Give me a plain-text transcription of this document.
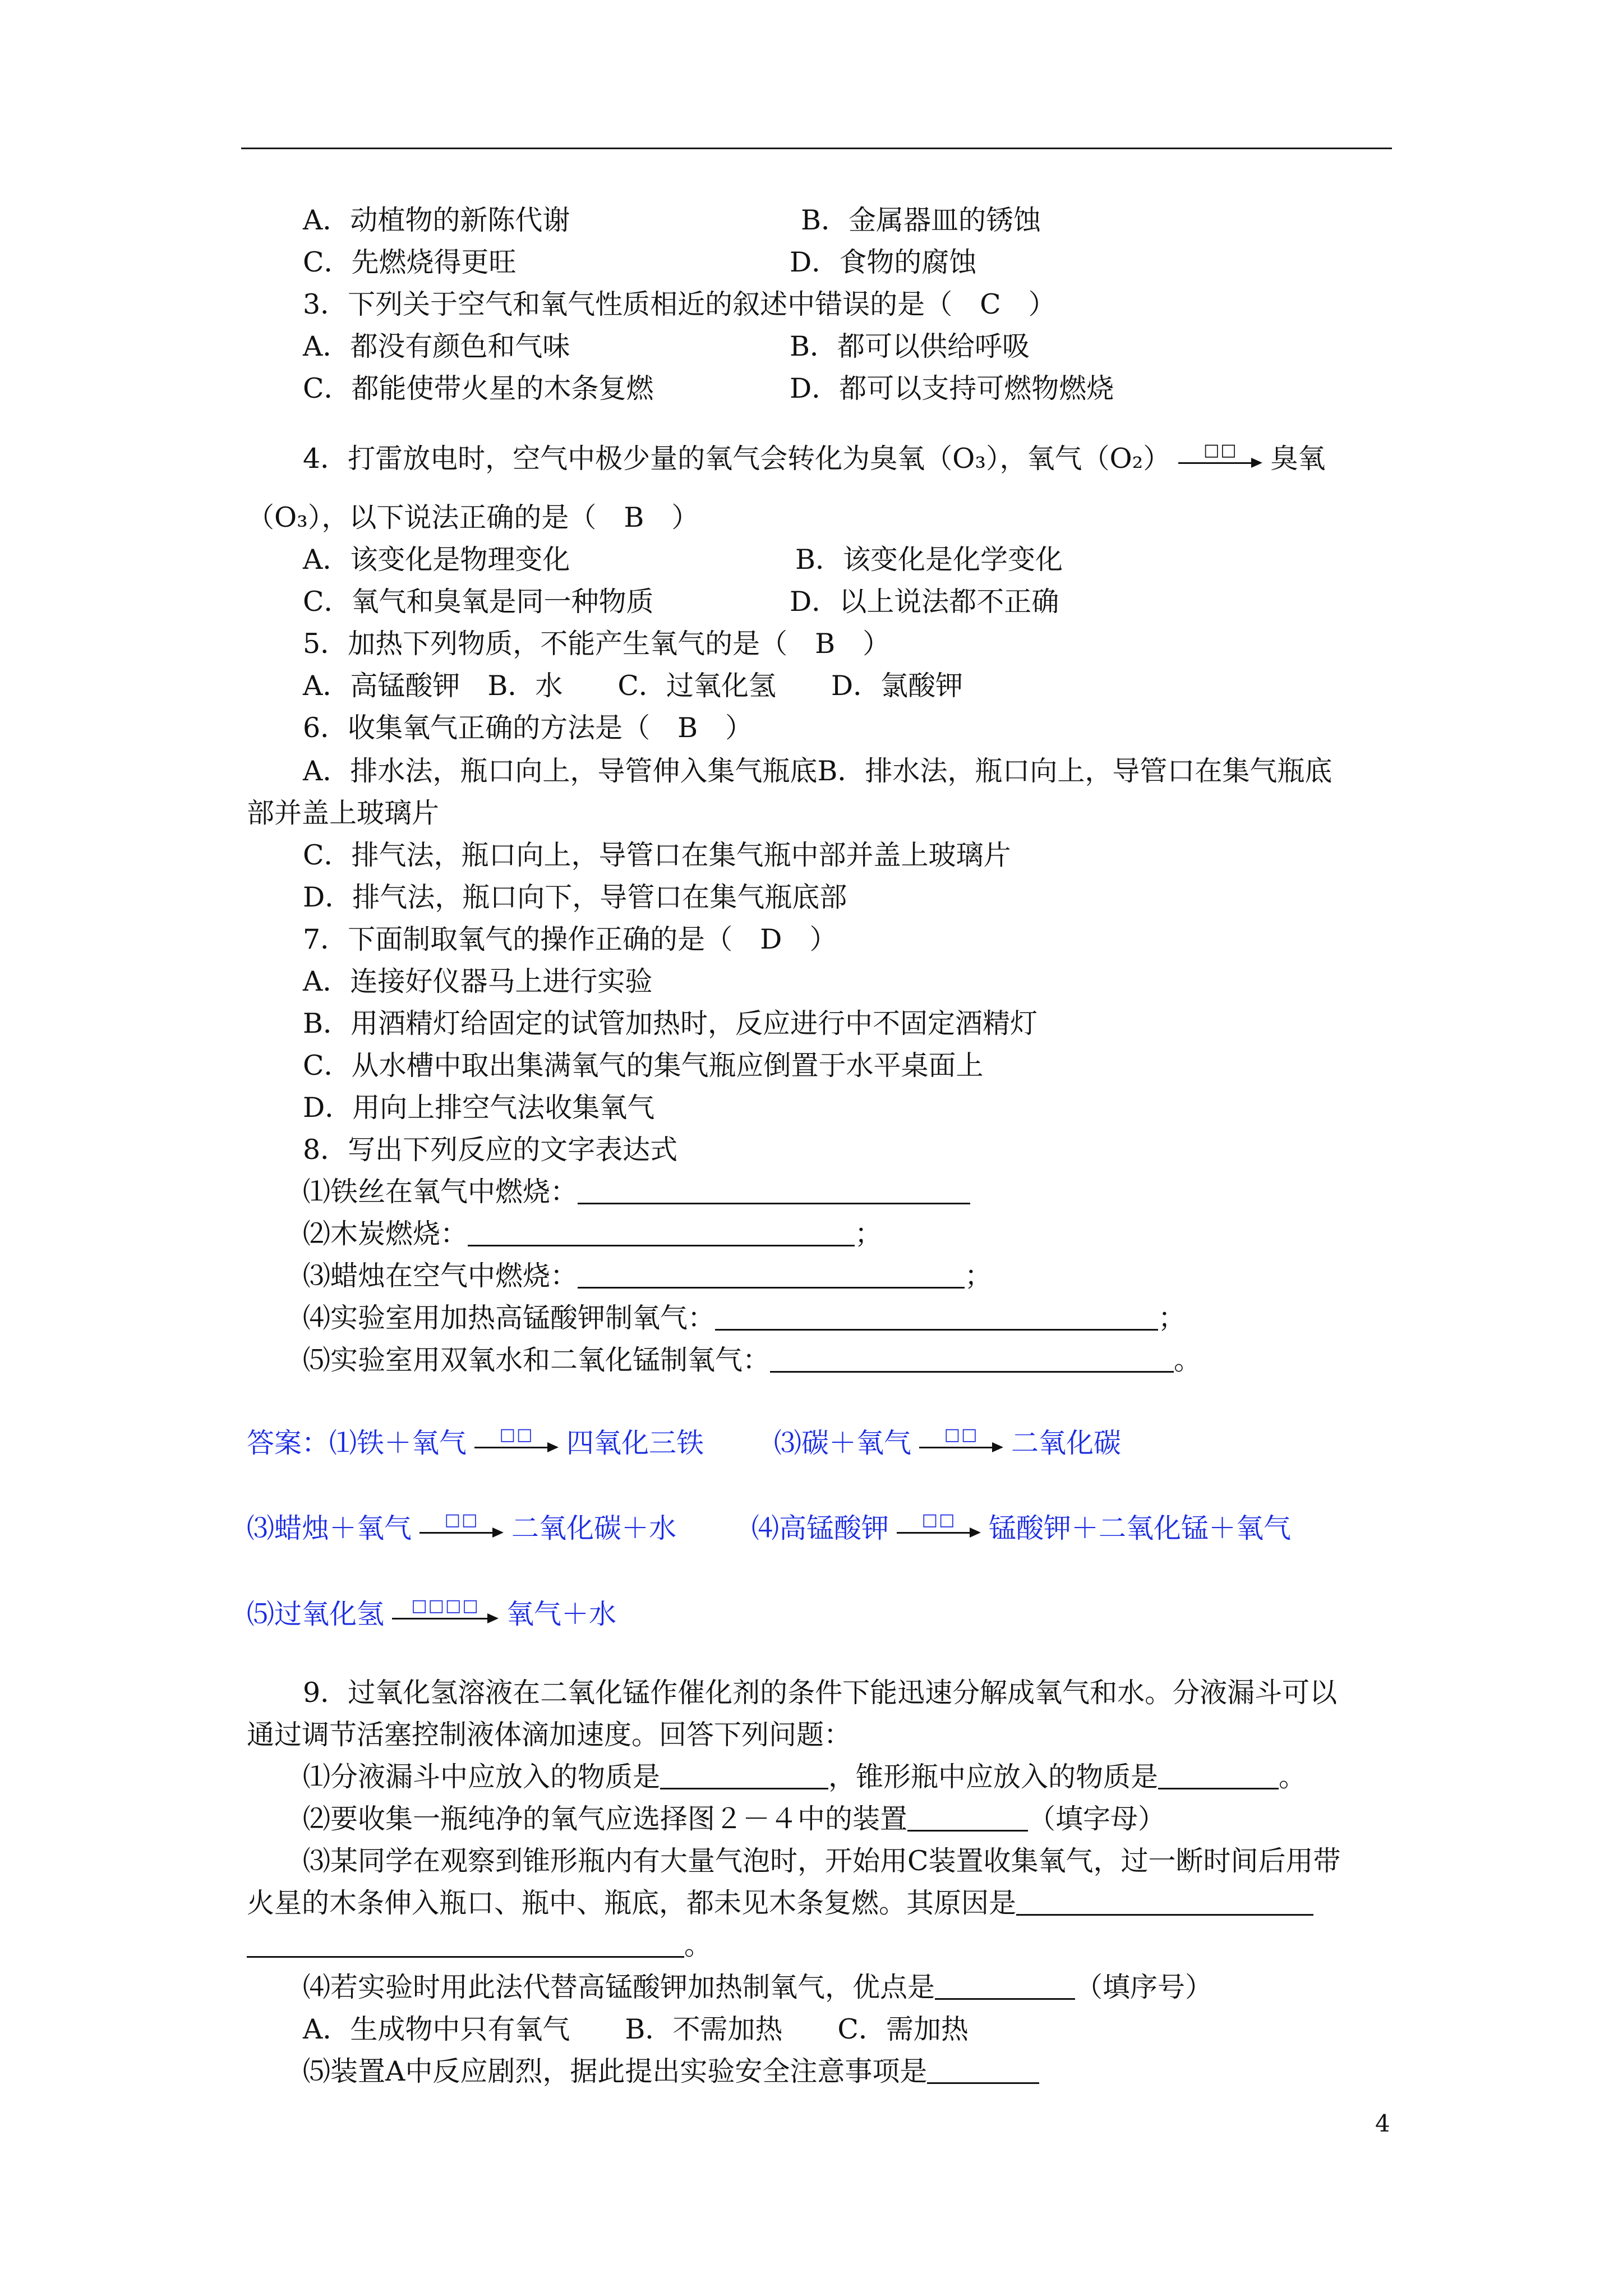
A．动植物的新陈代谢	B．金属器皿的锈蚀
C．先燃烧得更旺	D．食物的腐蚀
3．下列关于空气和氧气性质相近的叙述中错误的是（　C　）
A．都没有颜色和气味	B．都可以供给呼吸
C．都能使带火星的木条复燃	D．都可以支持可燃物燃烧
4．打雷放电时，空气中极少量的氧气会转化为臭氧（O₃），氧气（O₂）	□□	臭氧
（O₃），以下说法正确的是（　B　）
A．该变化是物理变化	B．该变化是化学变化
C．氧气和臭氧是同一种物质	D．以上说法都不正确
5．加热下列物质，不能产生氧气的是（　B　）
A．高锰酸钾　B．水　　C．过氧化氢　　D．氯酸钾
6．收集氧气正确的方法是（　B　）
A．排水法，瓶口向上，导管伸入集气瓶底B．排水法，瓶口向上，导管口在集气瓶底
部并盖上玻璃片
C．排气法，瓶口向上，导管口在集气瓶中部并盖上玻璃片
D．排气法，瓶口向下，导管口在集气瓶底部
7．下面制取氧气的操作正确的是（　D　）
A．连接好仪器马上进行实验
B．用酒精灯给固定的试管加热时，反应进行中不固定酒精灯
C．从水槽中取出集满氧气的集气瓶应倒置于水平桌面上
D．用向上排空气法收集氧气
8．写出下列反应的文字表达式
⑴铁丝在氧气中燃烧：
⑵木炭燃烧：	；
⑶蜡烛在空气中燃烧：	；
⑷实验室用加热高锰酸钾制氧气：	；
⑸实验室用双氧水和二氧化锰制氧气：	。
答案：⑴铁＋氧气	□□	四氧化三铁	⑶碳＋氧气	□□	二氧化碳
⑶蜡烛＋氧气	□□	二氧化碳＋水	⑷高锰酸钾	□□	锰酸钾＋二氧化锰＋氧气
⑸过氧化氢	□□□□ 氧气＋水
9．过氧化氢溶液在二氧化锰作催化剂的条件下能迅速分解成氧气和水。分液漏斗可以
通过调节活塞控制液体滴加速度。回答下列问题：
⑴分液漏斗中应放入的物质是	，锥形瓶中应放入的物质是	。
⑵要收集一瓶纯净的氧气应选择图２－４中的装置	（填字母）
⑶某同学在观察到锥形瓶内有大量气泡时，开始用C装置收集氧气，过一断时间后用带
火星的木条伸入瓶口、瓶中、瓶底，都未见木条复燃。其原因是
。
⑷若实验时用此法代替高锰酸钾加热制氧气，优点是	（填序号）
A．生成物中只有氧气　　B．不需加热　　C．需加热
⑸装置A中反应剧烈，据此提出实验安全注意事项是
4
